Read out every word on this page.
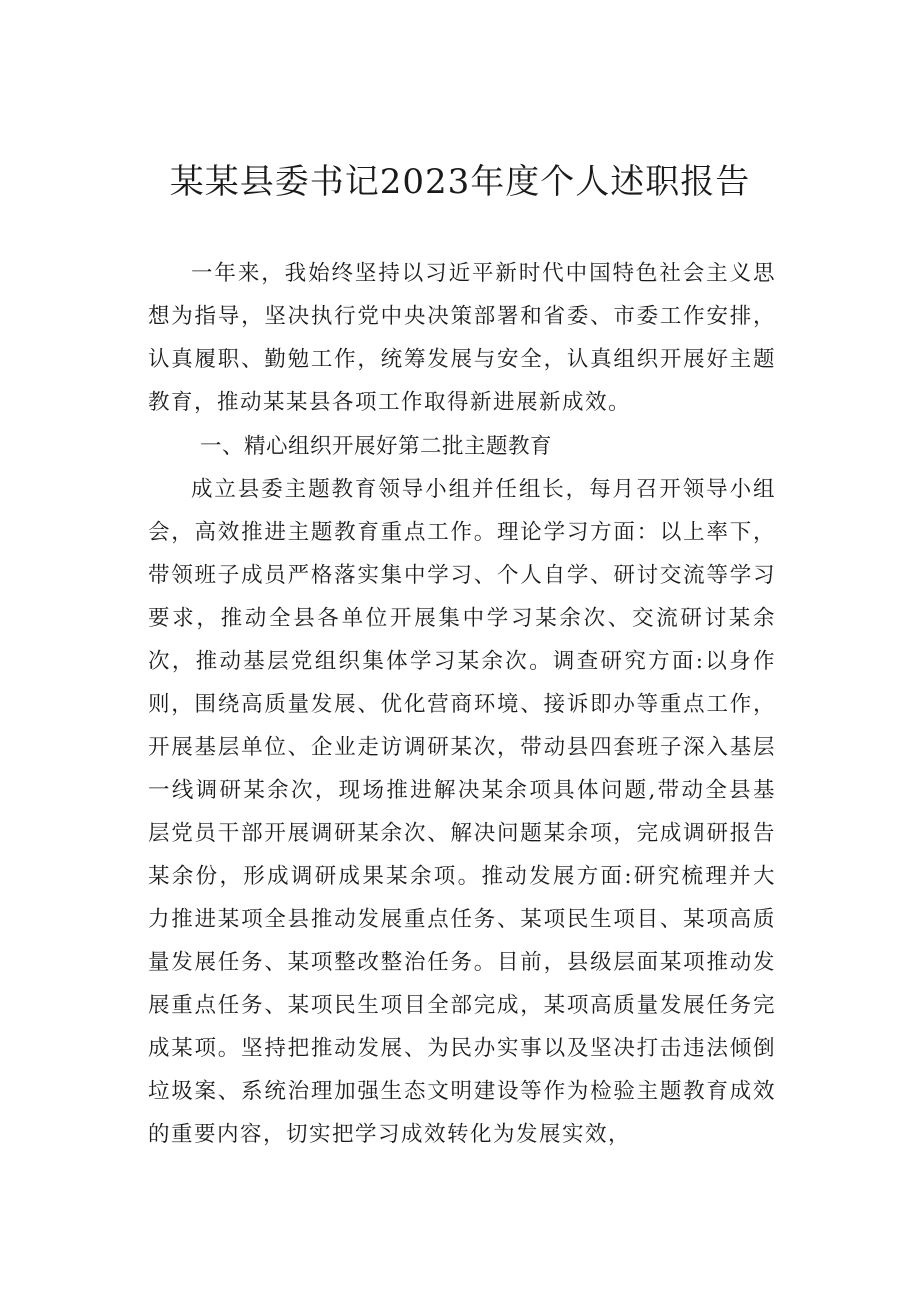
某某县委书记2023年度个人述职报告

一年来，我始终坚持以习近平新时代中国特色社会主义思想为指导，坚决执行党中央决策部署和省委、市委工作安排，认真履职、勤勉工作，统筹发展与安全，认真组织开展好主题教育，推动某某县各项工作取得新进展新成效。

一、精心组织开展好第二批主题教育

成立县委主题教育领导小组并任组长，每月召开领导小组会，高效推进主题教育重点工作。理论学习方面：以上率下，带领班子成员严格落实集中学习、个人自学、研讨交流等学习要求，推动全县各单位开展集中学习某余次、交流研讨某余次，推动基层党组织集体学习某余次。调查研究方面:以身作则，围绕高质量发展、优化营商环境、接诉即办等重点工作，开展基层单位、企业走访调研某次，带动县四套班子深入基层一线调研某余次，现场推进解决某余项具体问题,带动全县基层党员干部开展调研某余次、解决问题某余项，完成调研报告某余份，形成调研成果某余项。推动发展方面:研究梳理并大力推进某项全县推动发展重点任务、某项民生项目、某项高质量发展任务、某项整改整治任务。目前，县级层面某项推动发展重点任务、某项民生项目全部完成，某项高质量发展任务完成某项。坚持把推动发展、为民办实事以及坚决打击违法倾倒垃圾案、系统治理加强生态文明建设等作为检验主题教育成效的重要内容，切实把学习成效转化为发展实效，
